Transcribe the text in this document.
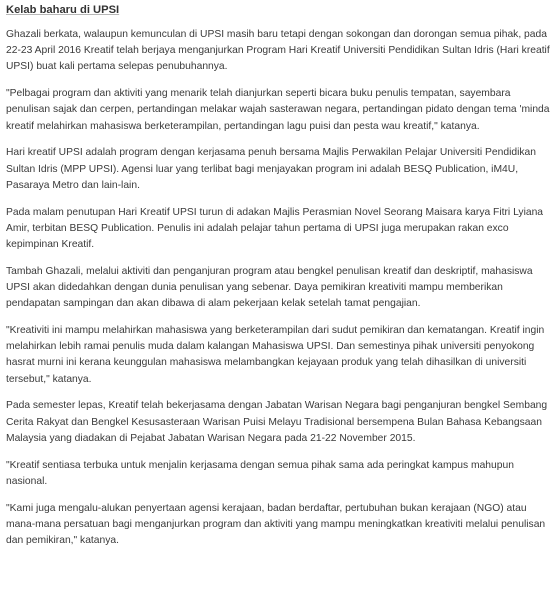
Kelab baharu di UPSI

Ghazali berkata, walaupun kemunculan di UPSI masih baru tetapi dengan sokongan dan dorongan semua pihak, pada 22-23 April 2016 Kreatif telah berjaya menganjurkan Program Hari Kreatif Universiti Pendidikan Sultan Idris (Hari kreatif UPSI) buat kali pertama selepas penubuhannya.

"Pelbagai program dan aktiviti yang menarik telah dianjurkan seperti bicara buku penulis tempatan, sayembara penulisan sajak dan cerpen, pertandingan melakar wajah sasterawan negara, pertandingan pidato dengan tema 'minda kreatif melahirkan mahasiswa berketerampilan, pertandingan lagu puisi dan pesta wau kreatif," katanya.

Hari kreatif UPSI adalah program dengan kerjasama penuh bersama Majlis Perwakilan Pelajar Universiti Pendidikan Sultan Idris (MPP UPSI). Agensi luar yang terlibat bagi menjayakan program ini adalah BESQ Publication, iM4U, Pasaraya Metro dan lain-lain.

Pada malam penutupan Hari Kreatif UPSI turun di adakan Majlis Perasmian Novel Seorang Maisara karya Fitri Lyiana Amir, terbitan BESQ Publication. Penulis ini adalah pelajar tahun pertama di UPSI juga merupakan rakan exco kepimpinan Kreatif.

Tambah Ghazali, melalui aktiviti dan penganjuran program atau bengkel penulisan kreatif dan deskriptif, mahasiswa UPSI akan didedahkan dengan dunia penulisan yang sebenar. Daya pemikiran kreativiti mampu memberikan pendapatan sampingan dan akan dibawa di alam pekerjaan kelak setelah tamat pengajian.

"Kreativiti ini mampu melahirkan mahasiswa yang berketerampilan dari sudut pemikiran dan kematangan. Kreatif ingin melahirkan lebih ramai penulis muda dalam kalangan Mahasiswa UPSI. Dan semestinya pihak universiti penyokong hasrat murni ini kerana keunggulan mahasiswa melambangkan kejayaan produk yang telah dihasilkan di universiti tersebut," katanya.

Pada semester lepas, Kreatif telah bekerjasama dengan Jabatan Warisan Negara bagi penganjuran bengkel Sembang Cerita Rakyat dan Bengkel Kesusasteraan Warisan Puisi Melayu Tradisional bersempena Bulan Bahasa Kebangsaan Malaysia yang diadakan di Pejabat Jabatan Warisan Negara pada 21-22 November 2015.

"Kreatif sentiasa terbuka untuk menjalin kerjasama dengan semua pihak sama ada peringkat kampus mahupun nasional.

"Kami juga mengalu-alukan penyertaan agensi kerajaan, badan berdaftar, pertubuhan bukan kerajaan (NGO) atau mana-mana persatuan bagi menganjurkan program dan aktiviti yang mampu meningkatkan kreativiti melalui penulisan dan pemikiran," katanya.
